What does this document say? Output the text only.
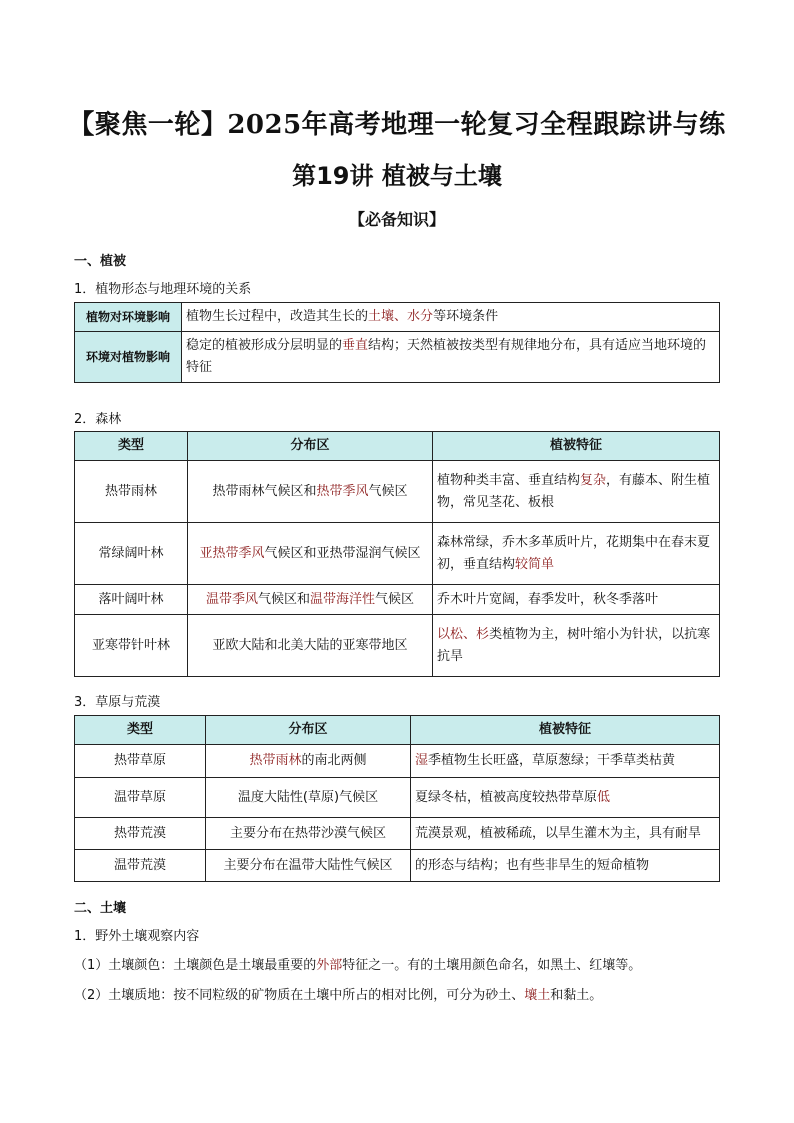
【聚焦一轮】2025年高考地理一轮复习全程跟踪讲与练
第19讲 植被与土壤
【必备知识】
一、植被
1．植物形态与地理环境的关系
植物对环境影响	植物生长过程中，改造其生长的土壤、水分等环境条件
环境对植物影响	稳定的植被形成分层明显的垂直结构；天然植被按类型有规律地分布，具有适应当地环境的特征
2．森林
类型	分布区	植被特征
热带雨林	热带雨林气候区和热带季风气候区	植物种类丰富、垂直结构复杂，有藤本、附生植物，常见茎花、板根
常绿阔叶林	亚热带季风气候区和亚热带湿润气候区	森林常绿，乔木多革质叶片，花期集中在春末夏初，垂直结构较简单
落叶阔叶林	温带季风气候区和温带海洋性气候区	乔木叶片宽阔，春季发叶，秋冬季落叶
亚寒带针叶林	亚欧大陆和北美大陆的亚寒带地区	以松、杉类植物为主，树叶缩小为针状，以抗寒抗旱
3．草原与荒漠
类型	分布区	植被特征
热带草原	热带雨林的南北两侧	湿季植物生长旺盛，草原葱绿；干季草类枯黄
温带草原	温度大陆性(草原)气候区	夏绿冬枯，植被高度较热带草原低
热带荒漠	主要分布在热带沙漠气候区	荒漠景观，植被稀疏，以旱生灌木为主，具有耐旱
温带荒漠	主要分布在温带大陆性气候区	的形态与结构；也有些非旱生的短命植物
二、土壤
1．野外土壤观察内容
（1）土壤颜色：土壤颜色是土壤最重要的外部特征之一。有的土壤用颜色命名，如黑土、红壤等。
（2）土壤质地：按不同粒级的矿物质在土壤中所占的相对比例，可分为砂土、壤土和黏土。
